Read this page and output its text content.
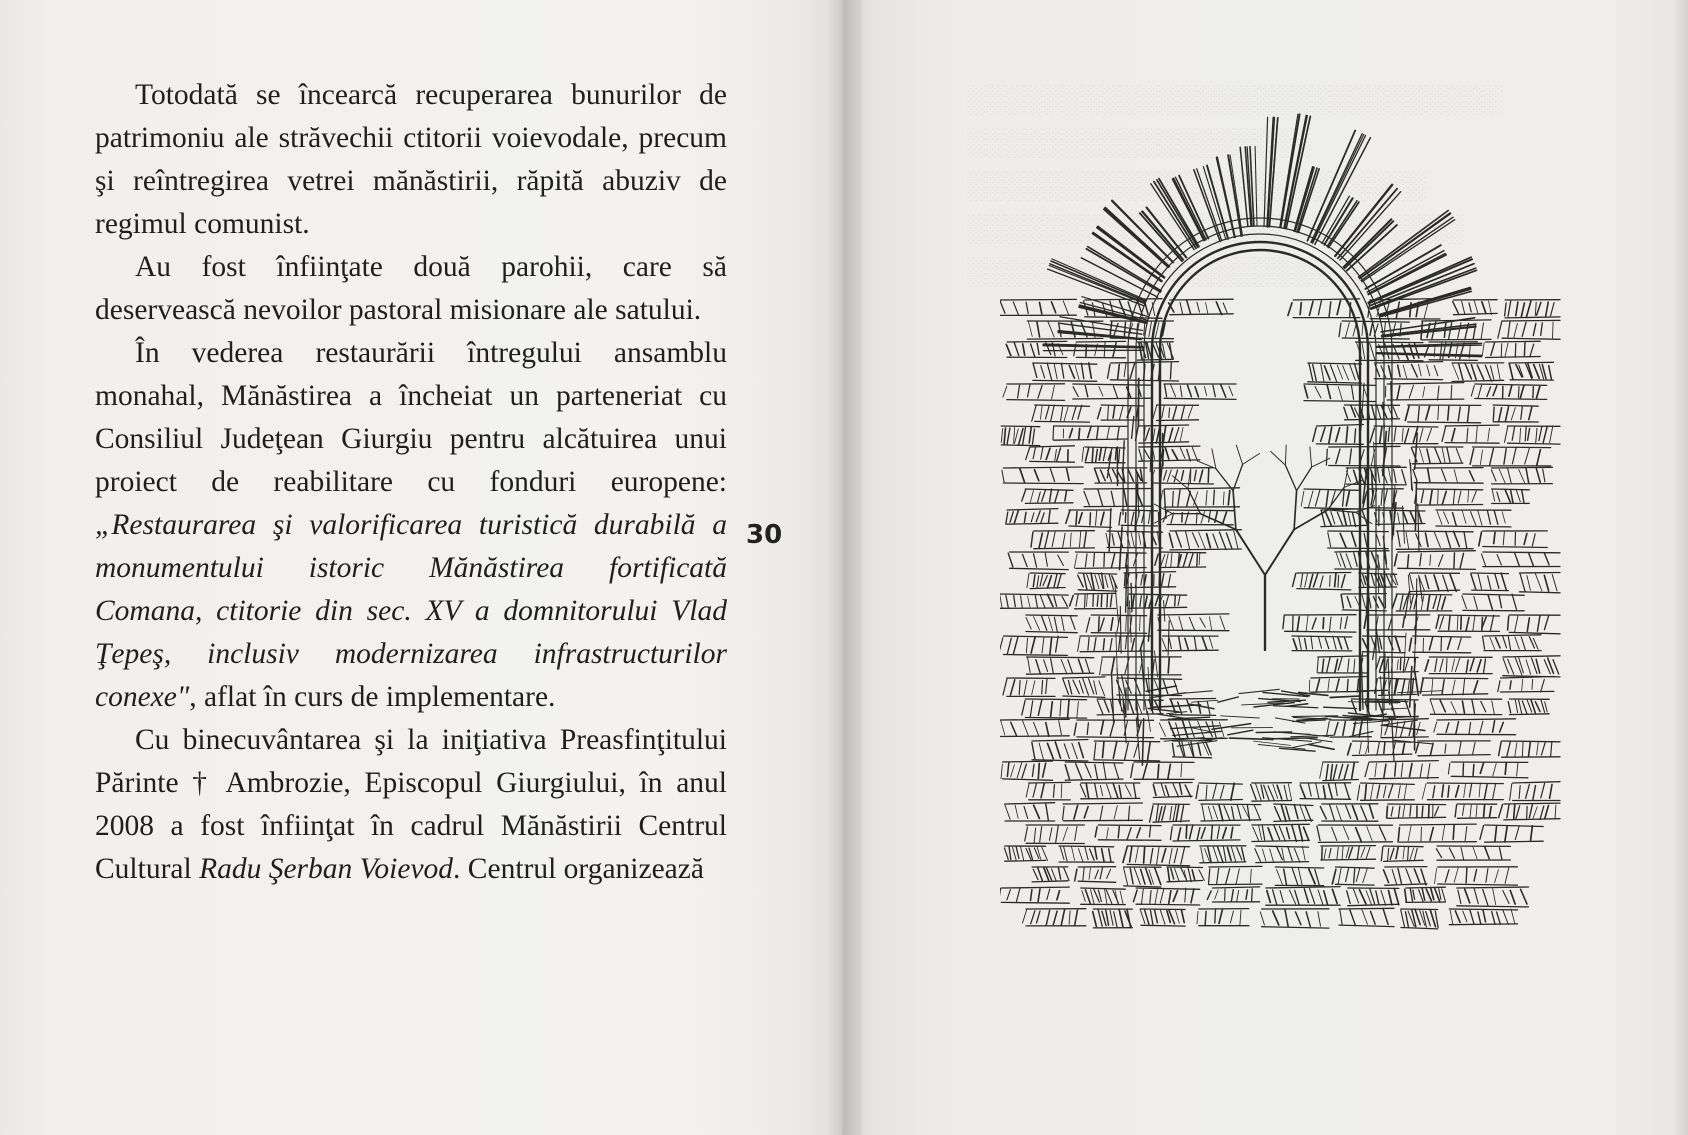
Totodată se încearcă recuperarea bunurilor de patrimoniu ale străvechii ctitorii voievodale, precum şi reîntregirea vetrei mănăstirii, răpită abuziv de regimul comunist.

Au fost înfiinţate două parohii, care să deservească nevoilor pastoral misionare ale satului.

În vederea restaurării întregului ansamblu monahal, Mănăstirea a încheiat un parteneriat cu Consiliul Judeţean Giurgiu pentru alcătuirea unui proiect de reabilitare cu fonduri europene: „Restaurarea şi valorificarea turistică durabilă a monumentului istoric Mănăstirea fortificată Comana, ctitorie din sec. XV a domnitorului Vlad Ţepeş, inclusiv modernizarea infrastructurilor conexe", aflat în curs de implementare.

Cu binecuvântarea şi la iniţiativa Preasfinţitului Părinte † Ambrozie, Episcopul Giurgiului, în anul 2008 a fost înfiinţat în cadrul Mănăstirii Centrul Cultural Radu Şerban Voievod. Centrul organizează

30
░░░░░░░░░░░░░░░░░░░░░░░░░░░░
░░░░░░░░░░░░░░░░░░
░░░░░░░░░░░░░░░░░░░░░░░░
░░░░░░░░░░░░░░░░░░░░░░░░░░
░░░░░░░░░░░░░░░░░░░░░
